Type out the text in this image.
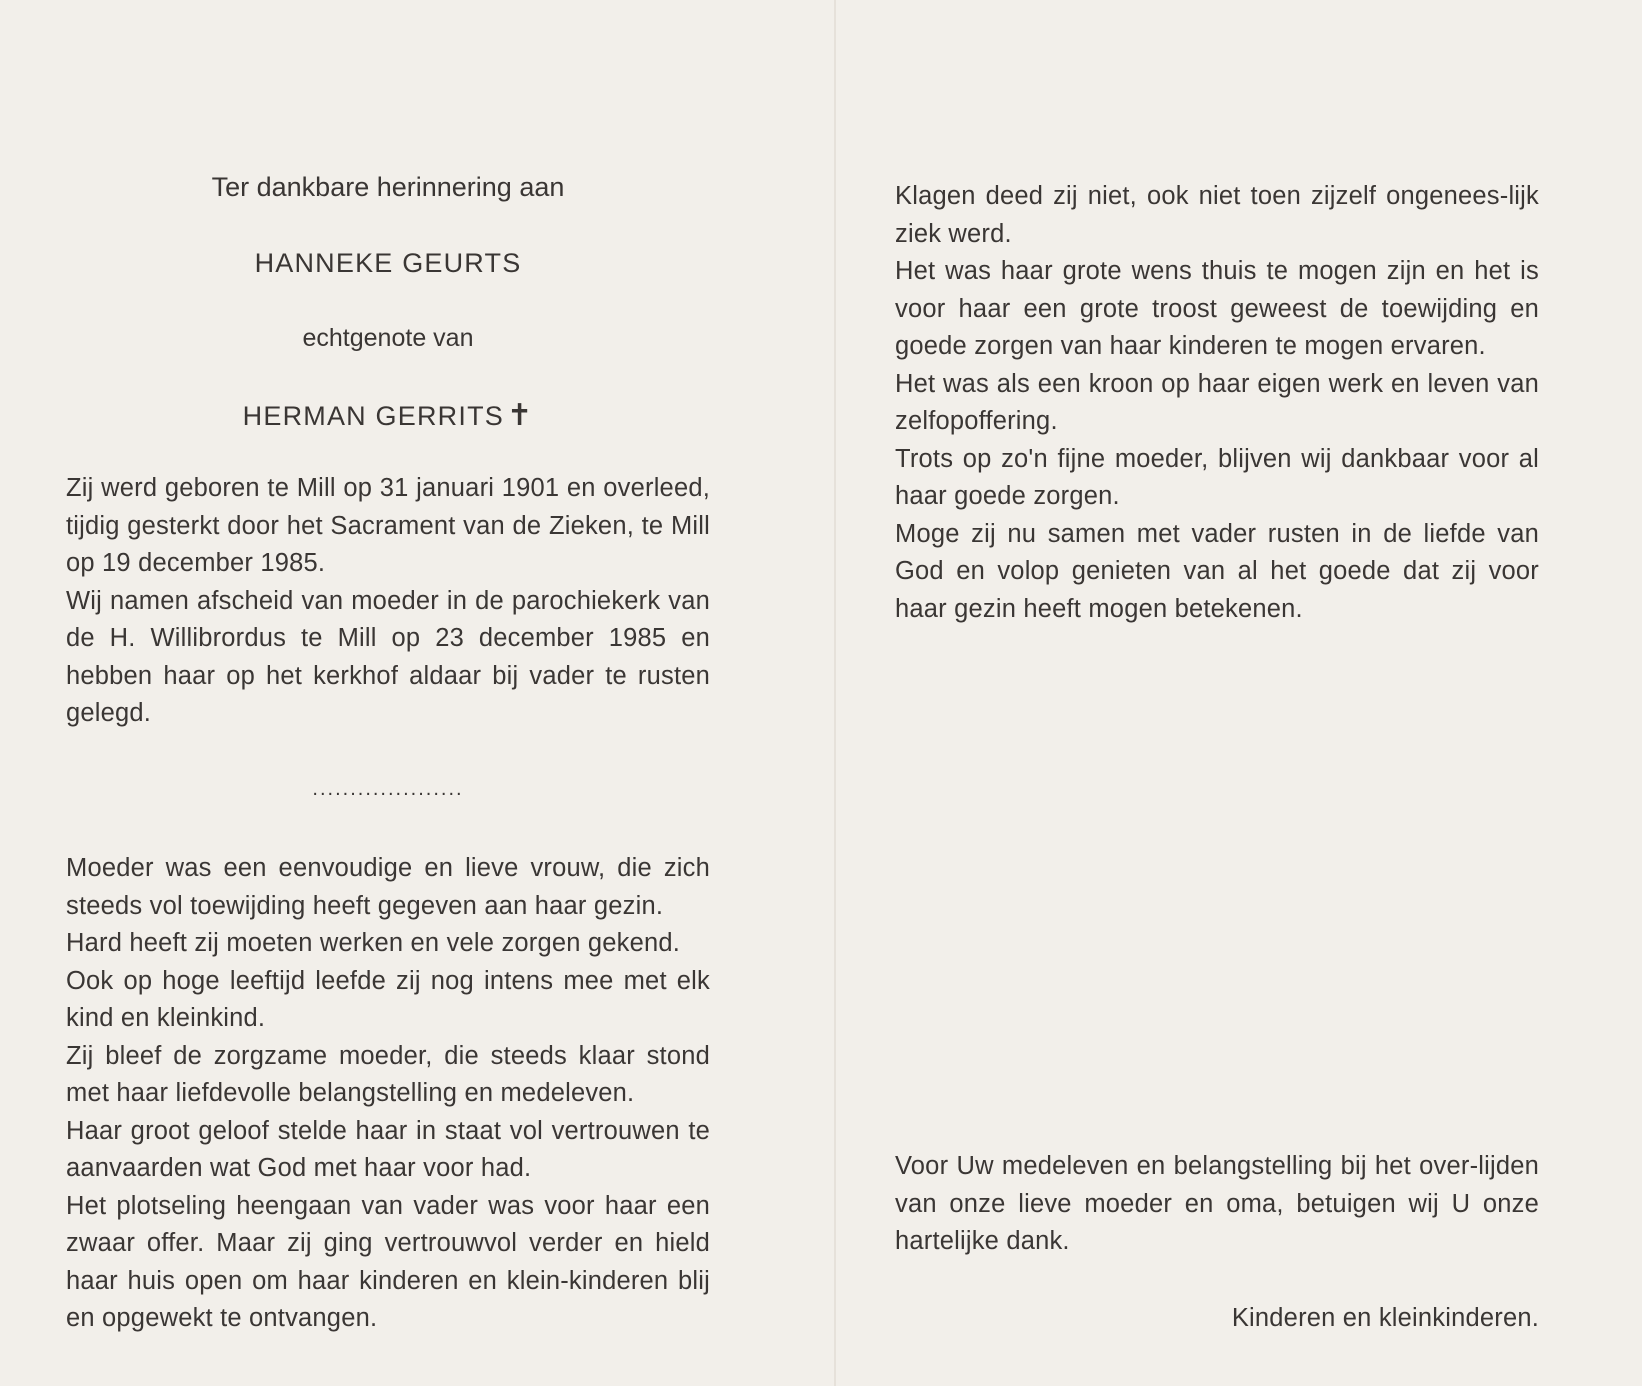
Ter dankbare herinnering aan
HANNEKE GEURTS
echtgenote van
HERMAN GERRITS ✝

Zij werd geboren te Mill op 31 januari 1901 en overleed, tijdig gesterkt door het Sacrament van de Zieken, te Mill op 19 december 1985.

Wij namen afscheid van moeder in de parochiekerk van de H. Willibrordus te Mill op 23 december 1985 en hebben haar op het kerkhof aldaar bij vader te rusten gelegd.

....................

Moeder was een eenvoudige en lieve vrouw, die zich steeds vol toewijding heeft gegeven aan haar gezin.

Hard heeft zij moeten werken en vele zorgen gekend.

Ook op hoge leeftijd leefde zij nog intens mee met elk kind en kleinkind.

Zij bleef de zorgzame moeder, die steeds klaar stond met haar liefdevolle belangstelling en medeleven.

Haar groot geloof stelde haar in staat vol vertrouwen te aanvaarden wat God met haar voor had.

Het plotseling heengaan van vader was voor haar een zwaar offer. Maar zij ging vertrouwvol verder en hield haar huis open om haar kinderen en klein-kinderen blij en opgewekt te ontvangen.

Klagen deed zij niet, ook niet toen zijzelf ongenees-lijk ziek werd.

Het was haar grote wens thuis te mogen zijn en het is voor haar een grote troost geweest de toewijding en goede zorgen van haar kinderen te mogen ervaren.

Het was als een kroon op haar eigen werk en leven van zelfopoffering.

Trots op zo'n fijne moeder, blijven wij dankbaar voor al haar goede zorgen.

Moge zij nu samen met vader rusten in de liefde van God en volop genieten van al het goede dat zij voor haar gezin heeft mogen betekenen.

Voor Uw medeleven en belangstelling bij het over-lijden van onze lieve moeder en oma, betuigen wij U onze hartelijke dank.

Kinderen en kleinkinderen.
